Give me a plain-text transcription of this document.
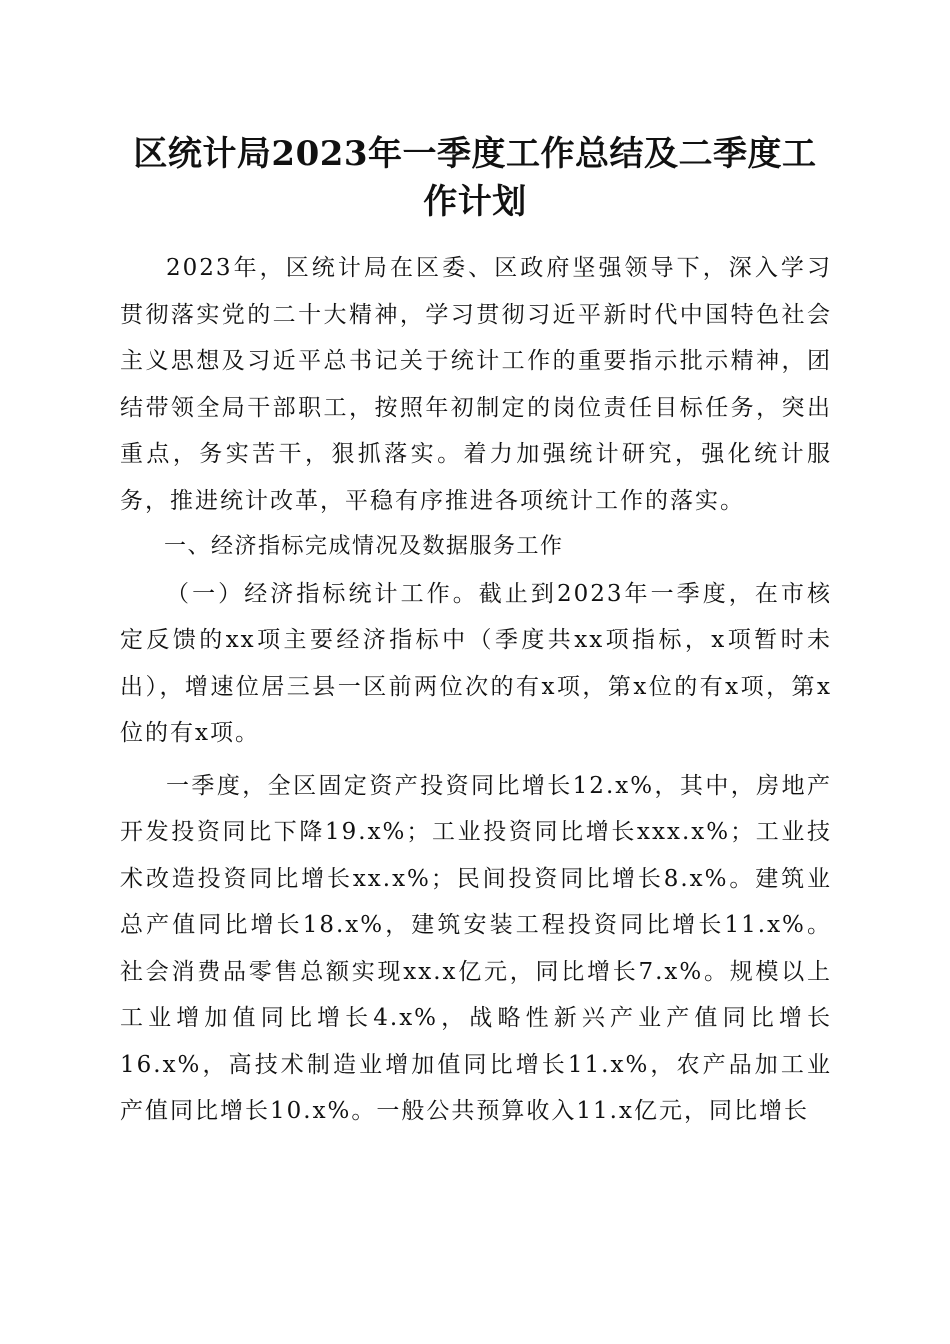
区统计局2023年一季度工作总结及二季度工
作计划

2023年，区统计局在区委、区政府坚强领导下，深入学习贯彻落实党的二十大精神，学习贯彻习近平新时代中国特色社会主义思想及习近平总书记关于统计工作的重要指示批示精神，团结带领全局干部职工，按照年初制定的岗位责任目标任务，突出重点，务实苦干，狠抓落实。着力加强统计研究，强化统计服务，推进统计改革，平稳有序推进各项统计工作的落实。

一、经济指标完成情况及数据服务工作

（一）经济指标统计工作。截止到2023年一季度，在市核定反馈的xx项主要经济指标中（季度共xx项指标，x项暂时未出），增速位居三县一区前两位次的有x项，第x位的有x项，第x位的有x项。

一季度，全区固定资产投资同比增长12.x%，其中，房地产开发投资同比下降19.x%；工业投资同比增长xxx.x%；工业技术改造投资同比增长xx.x%；民间投资同比增长8.x%。建筑业总产值同比增长18.x%，建筑安装工程投资同比增长11.x%。社会消费品零售总额实现xx.x亿元，同比增长7.x%。规模以上工业增加值同比增长4.x%，战略性新兴产业产值同比增长16.x%，高技术制造业增加值同比增长11.x%，农产品加工业产值同比增长10.x%。一般公共预算收入11.x亿元，同比增长
